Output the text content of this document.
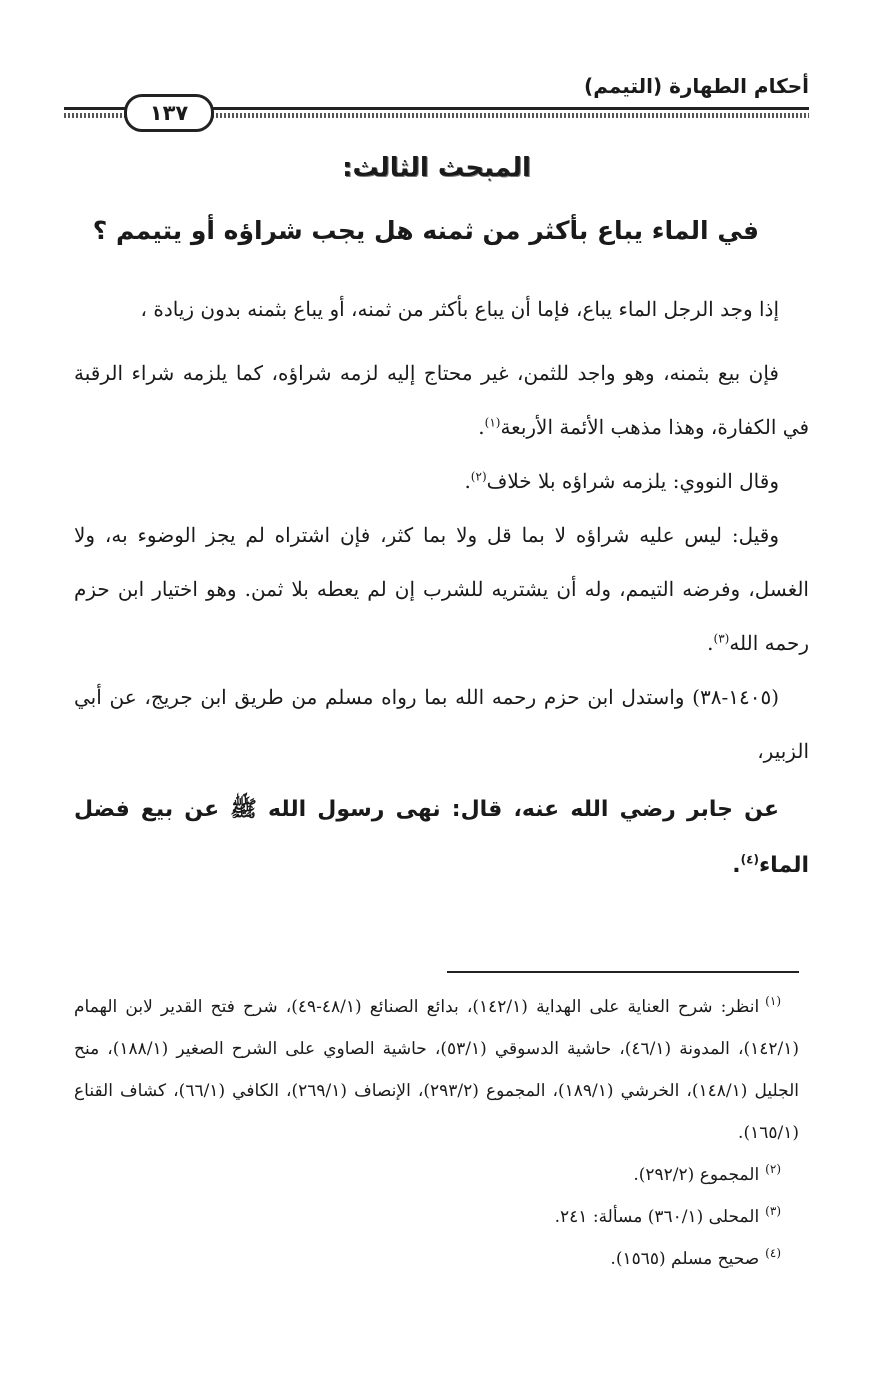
أحكام الطهارة (التيمم)
١٣٧
المبحث الثالث:
في الماء يباع بأكثر من ثمنه هل يجب شراؤه أو يتيمم ؟

إذا وجد الرجل الماء يباع، فإما أن يباع بأكثر من ثمنه، أو يباع بثمنه بدون زيادة ،

فإن بيع بثمنه، وهو واجد للثمن، غير محتاج إليه لزمه شراؤه، كما يلزمه شراء الرقبة في الكفارة، وهذا مذهب الأئمة الأربعة$^{(١)}$.

وقال النووي: يلزمه شراؤه بلا خلاف$^{(٢)}$.

وقيل: ليس عليه شراؤه لا بما قل ولا بما كثر، فإن اشتراه لم يجز الوضوء به، ولا الغسل، وفرضه التيمم، وله أن يشتريه للشرب إن لم يعطه بلا ثمن. وهو اختيار ابن حزم رحمه الله$^{(٣)}$.

(١٤٠٥-٣٨) واستدل ابن حزم رحمه الله بما رواه مسلم من طريق ابن جريج، عن أبي الزبير،

عن جابر رضي الله عنه، قال: نهى رسول الله ﷺ عن بيع فضل الماء$^{(٤)}$.

$^{(١)}$انظر: شرح العناية على الهداية (١٤٢/١)، بدائع الصنائع (٤٨/١-٤٩)، شرح فتح القدير لابن الهمام (١٤٢/١)، المدونة (٤٦/١)، حاشية الدسوقي (٥٣/١)، حاشية الصاوي على الشرح الصغير (١٨٨/١)، منح الجليل (١٤٨/١)، الخرشي (١٨٩/١)، المجموع (٢٩٣/٢)، الإنصاف (٢٦٩/١)، الكافي (٦٦/١)، كشاف القناع (١٦٥/١).

$^{(٢)}$المجموع (٢٩٢/٢).

$^{(٣)}$المحلى (٣٦٠/١) مسألة: ٢٤١.

$^{(٤)}$صحيح مسلم (١٥٦٥).
